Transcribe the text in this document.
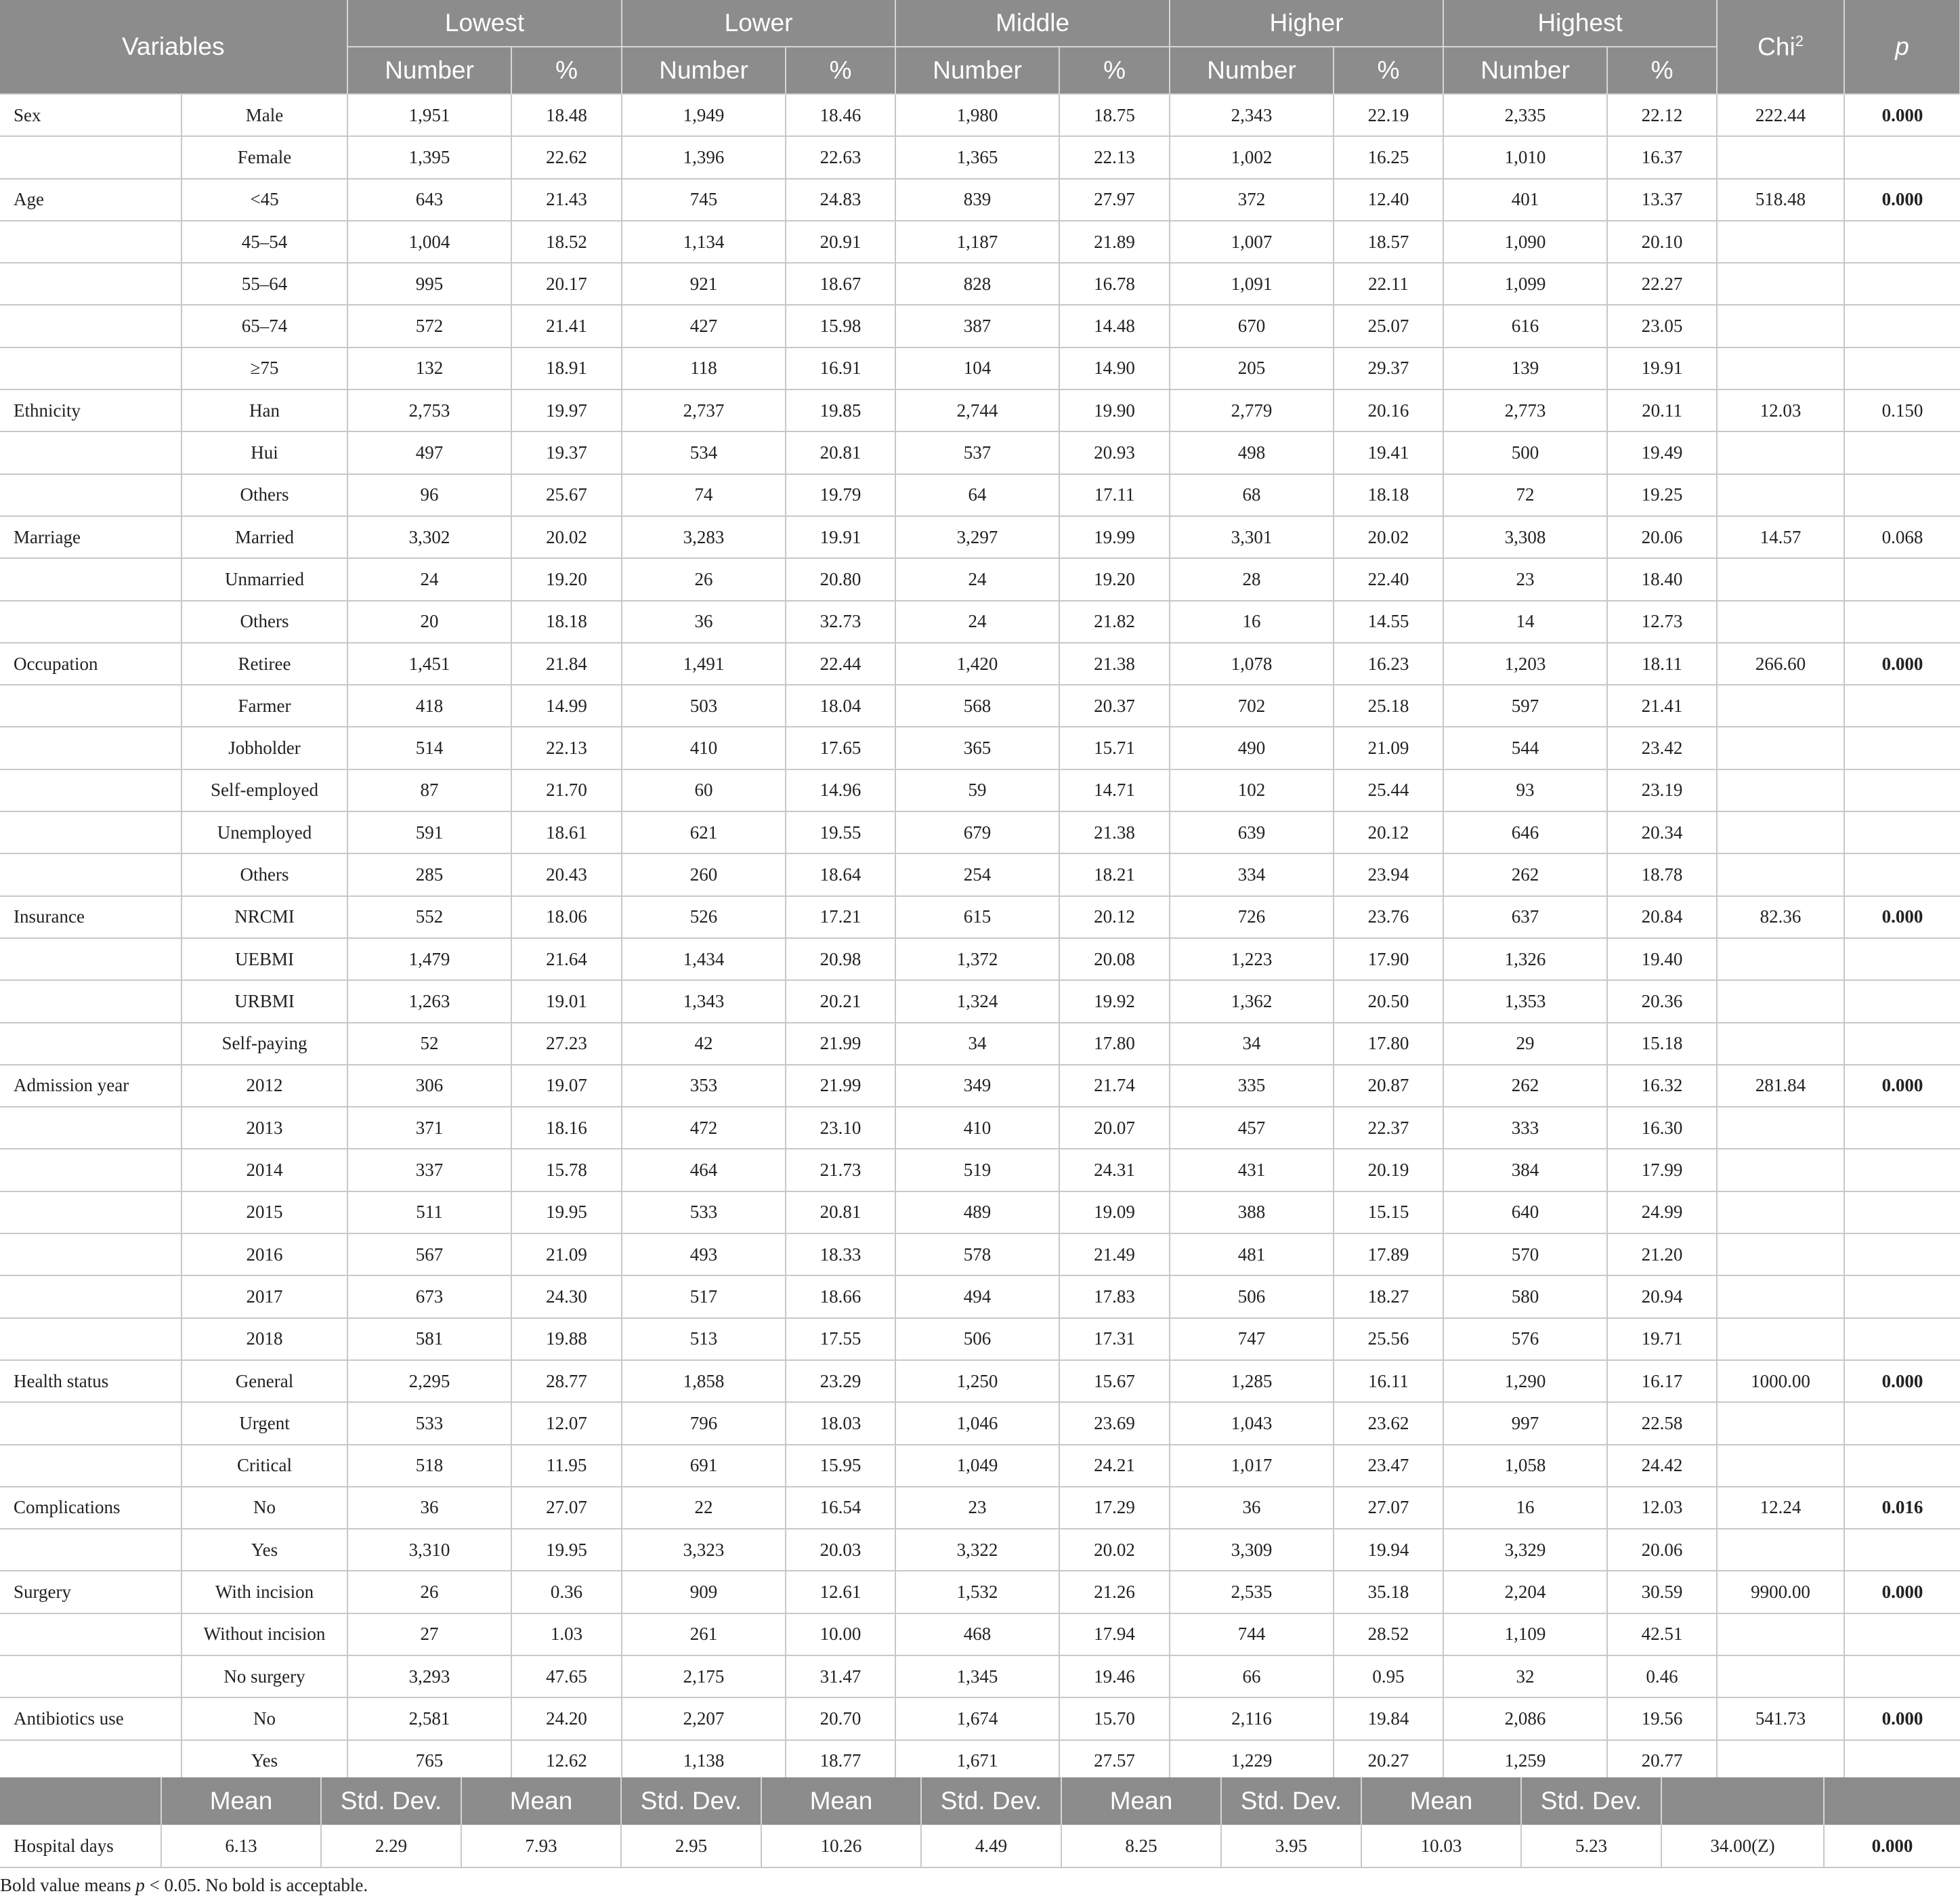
Variables		Lowest		Lower		Middle		Higher		Highest		Chi$^2$	p
		Number	%	Number	%	Number	%	Number	%	Number	%		
Sex	Male	1,951	18.48	1,949	18.46	1,980	18.75	2,343	22.19	2,335	22.12	222.44	0.000
	Female	1,395	22.62	1,396	22.63	1,365	22.13	1,002	16.25	1,010	16.37		
Age	<45	643	21.43	745	24.83	839	27.97	372	12.40	401	13.37	518.48	0.000
	45–54	1,004	18.52	1,134	20.91	1,187	21.89	1,007	18.57	1,090	20.10		
	55–64	995	20.17	921	18.67	828	16.78	1,091	22.11	1,099	22.27		
	65–74	572	21.41	427	15.98	387	14.48	670	25.07	616	23.05		
	≥75	132	18.91	118	16.91	104	14.90	205	29.37	139	19.91		
Ethnicity	Han	2,753	19.97	2,737	19.85	2,744	19.90	2,779	20.16	2,773	20.11	12.03	0.150
	Hui	497	19.37	534	20.81	537	20.93	498	19.41	500	19.49		
	Others	96	25.67	74	19.79	64	17.11	68	18.18	72	19.25		
Marriage	Married	3,302	20.02	3,283	19.91	3,297	19.99	3,301	20.02	3,308	20.06	14.57	0.068
	Unmarried	24	19.20	26	20.80	24	19.20	28	22.40	23	18.40		
	Others	20	18.18	36	32.73	24	21.82	16	14.55	14	12.73		
Occupation	Retiree	1,451	21.84	1,491	22.44	1,420	21.38	1,078	16.23	1,203	18.11	266.60	0.000
	Farmer	418	14.99	503	18.04	568	20.37	702	25.18	597	21.41		
	Jobholder	514	22.13	410	17.65	365	15.71	490	21.09	544	23.42		
	Self-employed	87	21.70	60	14.96	59	14.71	102	25.44	93	23.19		
	Unemployed	591	18.61	621	19.55	679	21.38	639	20.12	646	20.34		
	Others	285	20.43	260	18.64	254	18.21	334	23.94	262	18.78		
Insurance	NRCMI	552	18.06	526	17.21	615	20.12	726	23.76	637	20.84	82.36	0.000
	UEBMI	1,479	21.64	1,434	20.98	1,372	20.08	1,223	17.90	1,326	19.40		
	URBMI	1,263	19.01	1,343	20.21	1,324	19.92	1,362	20.50	1,353	20.36		
	Self-paying	52	27.23	42	21.99	34	17.80	34	17.80	29	15.18		
Admission year	2012	306	19.07	353	21.99	349	21.74	335	20.87	262	16.32	281.84	0.000
	2013	371	18.16	472	23.10	410	20.07	457	22.37	333	16.30		
	2014	337	15.78	464	21.73	519	24.31	431	20.19	384	17.99		
	2015	511	19.95	533	20.81	489	19.09	388	15.15	640	24.99		
	2016	567	21.09	493	18.33	578	21.49	481	17.89	570	21.20		
	2017	673	24.30	517	18.66	494	17.83	506	18.27	580	20.94		
	2018	581	19.88	513	17.55	506	17.31	747	25.56	576	19.71		
Health status	General	2,295	28.77	1,858	23.29	1,250	15.67	1,285	16.11	1,290	16.17	1000.00	0.000
	Urgent	533	12.07	796	18.03	1,046	23.69	1,043	23.62	997	22.58		
	Critical	518	11.95	691	15.95	1,049	24.21	1,017	23.47	1,058	24.42		
Complications	No	36	27.07	22	16.54	23	17.29	36	27.07	16	12.03	12.24	0.016
	Yes	3,310	19.95	3,323	20.03	3,322	20.02	3,309	19.94	3,329	20.06		
Surgery	With incision	26	0.36	909	12.61	1,532	21.26	2,535	35.18	2,204	30.59	9900.00	0.000
	Without incision	27	1.03	261	10.00	468	17.94	744	28.52	1,109	42.51		
	No surgery	3,293	47.65	2,175	31.47	1,345	19.46	66	0.95	32	0.46		
Antibiotics use	No	2,581	24.20	2,207	20.70	1,674	15.70	2,116	19.84	2,086	19.56	541.73	0.000
	Yes	765	12.62	1,138	18.77	1,671	27.57	1,229	20.27	1,259	20.77		
	Mean	Std. Dev.	Mean	Std. Dev.	Mean	Std. Dev.	Mean	Std. Dev.	Mean	Std. Dev.		
Hospital days	6.13	2.29	7.93	2.95	10.26	4.49	8.25	3.95	10.03	5.23	34.00(Z)	0.000
Bold value means p < 0.05. No bold is acceptable.
